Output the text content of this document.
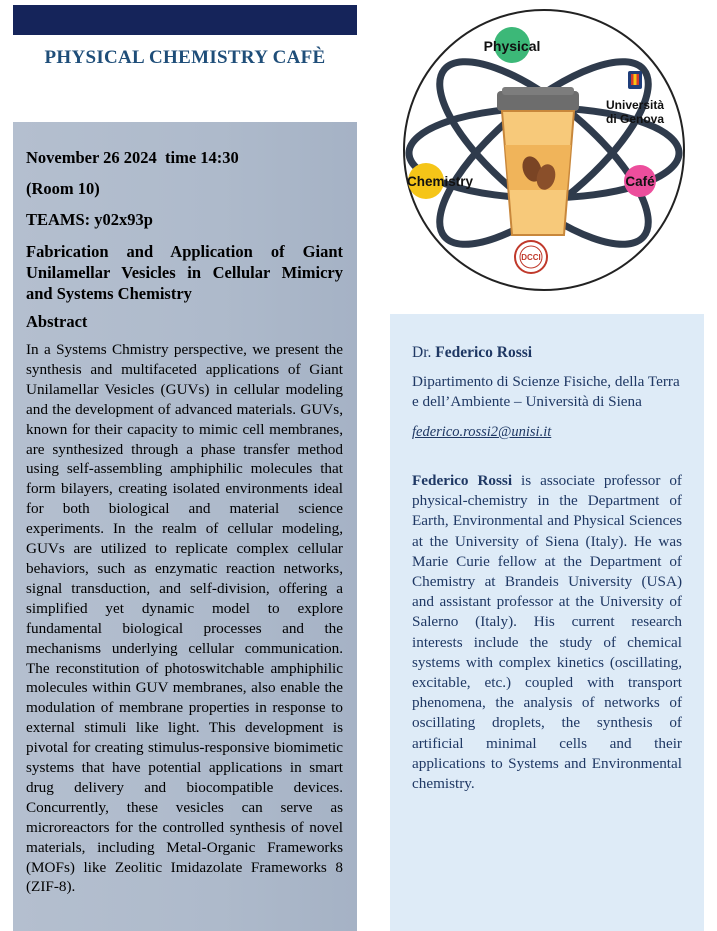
PHYSICAL CHEMISTRY CAFÈ

November 26 2024  time 14:30

(Room 10)

TEAMS: y02x93p

Fabrication and Application of Giant Unilamellar Vesicles in Cellular Mimicry and Systems Chemistry

Abstract

In a Systems Chmistry perspective, we present the synthesis and multifaceted applications of Giant Unilamellar Vesicles (GUVs) in cellular modeling and the development of advanced materials. GUVs, known for their capacity to mimic cell membranes, are synthesized through a phase transfer method using self-assembling amphiphilic molecules that form bilayers, creating isolated environments ideal for both biological and material science experiments. In the realm of cellular modeling, GUVs are utilized to replicate complex cellular behaviors, such as enzymatic reaction networks, signal transduction, and self-division, offering a simplified yet dynamic model to explore fundamental biological processes and the mechanisms underlying cellular communication. The reconstitution of photoswitchable amphiphilic molecules within GUV membranes, also enable the modulation of membrane properties in response to external stimuli like light. This development is pivotal for creating stimulus-responsive biomimetic systems that have potential applications in smart drug delivery and biocompatible devices. Concurrently, these vesicles can serve as microreactors for the controlled synthesis of novel materials, including Metal-Organic Frameworks (MOFs) like Zeolitic Imidazolate Frameworks 8 (ZIF-8).

Physical
Chemistry	Café
Università
di Genova
DCCI

Dr. Federico Rossi

Dipartimento di Scienze Fisiche, della Terra e dell’Ambiente – Università di Siena

federico.rossi2@unisi.it

Federico Rossi is associate professor of physical-chemistry in the Department of Earth, Environmental and Physical Sciences at the University of Siena (Italy). He was Marie Curie fellow at the Department of Chemistry at Brandeis University (USA) and assistant professor at the University of Salerno (Italy). His current research interests include the study of chemical systems with complex kinetics (oscillating, excitable, etc.) coupled with transport phenomena, the analysis of networks of oscillating droplets, the synthesis of artificial minimal cells and their applications to Systems and Environmental chemistry.
